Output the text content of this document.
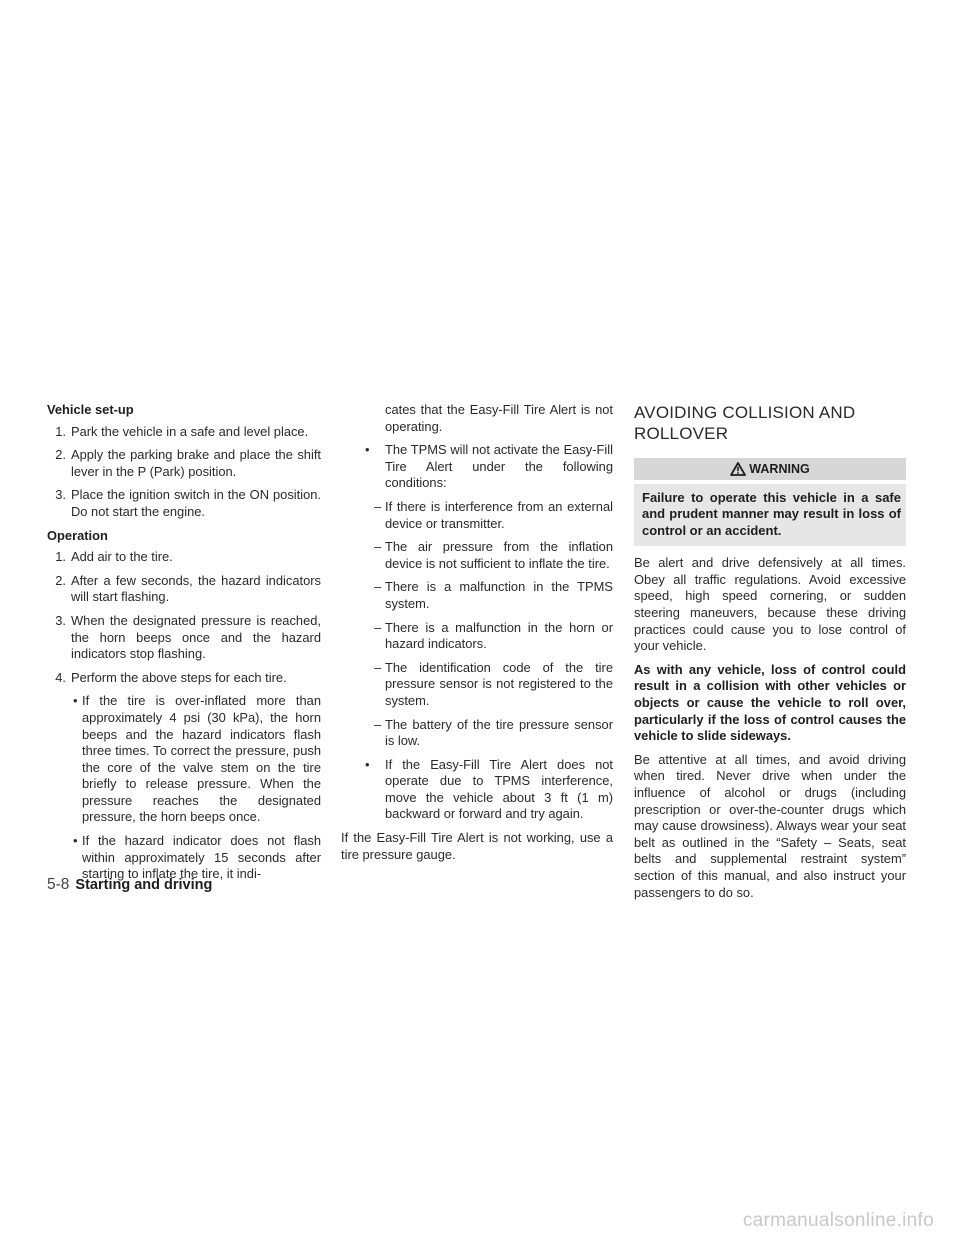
Vehicle set-up

1. Park the vehicle in a safe and level place.

2. Apply the parking brake and place the shift lever in the P (Park) position.

3. Place the ignition switch in the ON position. Do not start the engine.

Operation

1. Add air to the tire.

2. After a few seconds, the hazard indicators will start flashing.

3. When the designated pressure is reached, the horn beeps once and the hazard indicators stop flashing.

4. Perform the above steps for each tire.

• If the tire is over-inflated more than approximately 4 psi (30 kPa), the horn beeps and the hazard indicators flash three times. To correct the pressure, push the core of the valve stem on the tire briefly to release pressure. When the pressure reaches the designated pressure, the horn beeps once.

• If the hazard indicator does not flash within approximately 15 seconds after starting to inflate the tire, it indi-

cates that the Easy-Fill Tire Alert is not operating.

• The TPMS will not activate the Easy-Fill Tire Alert under the following conditions:

– If there is interference from an external device or transmitter.

– The air pressure from the inflation device is not sufficient to inflate the tire.

– There is a malfunction in the TPMS system.

– There is a malfunction in the horn or hazard indicators.

– The identification code of the tire pressure sensor is not registered to the system.

– The battery of the tire pressure sensor is low.

• If the Easy-Fill Tire Alert does not operate due to TPMS interference, move the vehicle about 3 ft (1 m) backward or forward and try again.

If the Easy-Fill Tire Alert is not working, use a tire pressure gauge.

AVOIDING COLLISION AND
ROLLOVER

WARNING
Failure to operate this vehicle in a safe and prudent manner may result in loss of control or an accident.

Be alert and drive defensively at all times. Obey all traffic regulations. Avoid excessive speed, high speed cornering, or sudden steering maneuvers, because these driving practices could cause you to lose control of your vehicle.

As with any vehicle, loss of control could result in a collision with other vehicles or objects or cause the vehicle to roll over, particularly if the loss of control causes the vehicle to slide sideways.

Be attentive at all times, and avoid driving when tired. Never drive when under the influence of alcohol or drugs (including prescription or over-the-counter drugs which may cause drowsiness). Always wear your seat belt as outlined in the “Safety – Seats, seat belts and supplemental restraint system” section of this manual, and also instruct your passengers to do so.

5-8 Starting and driving
carmanualsonline.info
